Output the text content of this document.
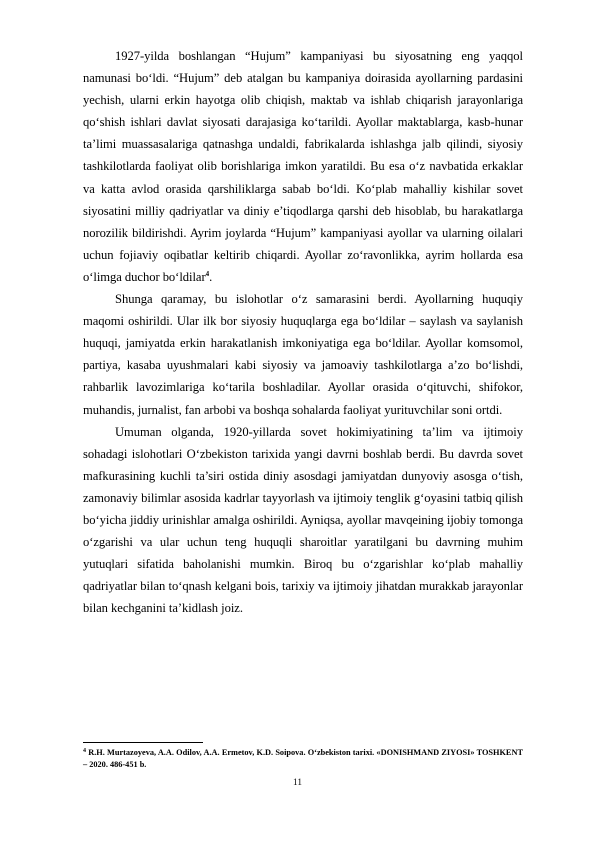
1927-yilda boshlangan “Hujum” kampaniyasi bu siyosatning eng yaqqol namunasi bo‘ldi. “Hujum” deb atalgan bu kampaniya doirasida ayollarning pardasini yechish, ularni erkin hayotga olib chiqish, maktab va ishlab chiqarish jarayonlariga qo‘shish ishlari davlat siyosati darajasiga ko‘tarildi. Ayollar maktablarga, kasb-hunar ta’limi muassasalariga qatnashga undaldi, fabrikalarda ishlashga jalb qilindi, siyosiy tashkilotlarda faoliyat olib borishlariga imkon yaratildi. Bu esa o‘z navbatida erkaklar va katta avlod orasida qarshiliklarga sabab bo‘ldi. Ko‘plab mahalliy kishilar sovet siyosatini milliy qadriyatlar va diniy e’tiqodlarga qarshi deb hisoblab, bu harakatlarga norozilik bildirishdi. Ayrim joylarda “Hujum” kampaniyasi ayollar va ularning oilalari uchun fojiaviy oqibatlar keltirib chiqardi. Ayollar zo‘ravonlikka, ayrim hollarda esa o‘limga duchor bo‘ldilar$^4$.

Shunga qaramay, bu islohotlar o‘z samarasini berdi. Ayollarning huquqiy maqomi oshirildi. Ular ilk bor siyosiy huquqlarga ega bo‘ldilar – saylash va saylanish huquqi, jamiyatda erkin harakatlanish imkoniyatiga ega bo‘ldilar. Ayollar komsomol, partiya, kasaba uyushmalari kabi siyosiy va jamoaviy tashkilotlarga a’zo bo‘lishdi, rahbarlik lavozimlariga ko‘tarila boshladilar. Ayollar orasida o‘qituvchi, shifokor, muhandis, jurnalist, fan arbobi va boshqa sohalarda faoliyat yurituvchilar soni ortdi.

Umuman olganda, 1920-yillarda sovet hokimiyatining ta’lim va ijtimoiy sohadagi islohotlari O‘zbekiston tarixida yangi davrni boshlab berdi. Bu davrda sovet mafkurasining kuchli ta’siri ostida diniy asosdagi jamiyatdan dunyoviy asosga o‘tish, zamonaviy bilimlar asosida kadrlar tayyorlash va ijtimoiy tenglik g‘oyasini tatbiq qilish bo‘yicha jiddiy urinishlar amalga oshirildi. Ayniqsa, ayollar mavqeining ijobiy tomonga o‘zgarishi va ular uchun teng huquqli sharoitlar yaratilgani bu davrning muhim yutuqlari sifatida baholanishi mumkin. Biroq bu o‘zgarishlar ko‘plab mahalliy qadriyatlar bilan to‘qnash kelgani bois, tarixiy va ijtimoiy jihatdan murakkab jarayonlar bilan kechganini ta’kidlash joiz.

$^4$ R.H. Murtazoyeva, A.A. Odilov, A.A. Ermetov, K.D. Soipova. O‘zbekiston tarixi. «DONISHMAND ZIYOSI» TOSHKENT – 2020. 486-451 b.

11
